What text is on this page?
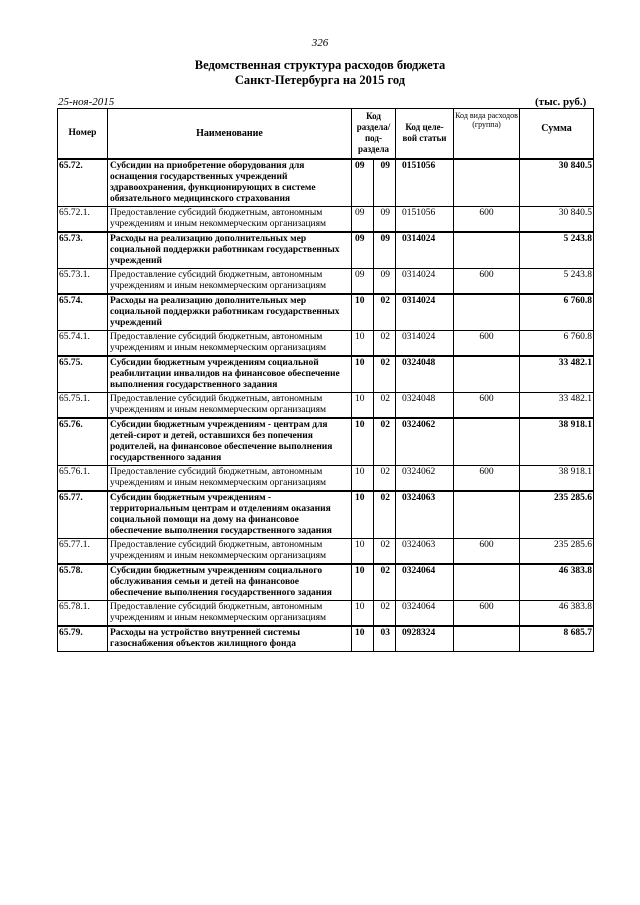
326
Ведомственная структура расходов бюджета
Санкт-Петербурга на 2015 год
25-ноя-2015	(тыс. руб.)
Номер	Наименование	Код раздела/ под- раздела		Код целе- вой статьи	Код вида расходов (группа)	Сумма
65.72.	Субсидии на приобретение оборудования для оснащения государственных учреждений здравоохранения, функционирующих в системе обязательного медицинского страхования	09	09	0151056		30 840.5
65.72.1.	Предоставление субсидий бюджетным, автономным учреждениям и иным некоммерческим организациям	09	09	0151056	600	30 840.5
65.73.	Расходы на реализацию дополнительных мер социальной поддержки работникам государственных учреждений	09	09	0314024		5 243.8
65.73.1.	Предоставление субсидий бюджетным, автономным учреждениям и иным некоммерческим организациям	09	09	0314024	600	5 243.8
65.74.	Расходы на реализацию дополнительных мер социальной поддержки работникам государственных учреждений	10	02	0314024		6 760.8
65.74.1.	Предоставление субсидий бюджетным, автономным учреждениям и иным некоммерческим организациям	10	02	0314024	600	6 760.8
65.75.	Субсидии бюджетным учреждениям социальной реабилитации инвалидов на финансовое обеспечение выполнения государственного задания	10	02	0324048		33 482.1
65.75.1.	Предоставление субсидий бюджетным, автономным учреждениям и иным некоммерческим организациям	10	02	0324048	600	33 482.1
65.76.	Субсидии бюджетным учреждениям - центрам для детей-сирот и детей, оставшихся без попечения родителей, на финансовое обеспечение выполнения государственного задания	10	02	0324062		38 918.1
65.76.1.	Предоставление субсидий бюджетным, автономным учреждениям и иным некоммерческим организациям	10	02	0324062	600	38 918.1
65.77.	Субсидии бюджетным учреждениям - территориальным центрам и отделениям оказания социальной помощи на дому на финансовое обеспечение выполнения государственного задания	10	02	0324063		235 285.6
65.77.1.	Предоставление субсидий бюджетным, автономным учреждениям и иным некоммерческим организациям	10	02	0324063	600	235 285.6
65.78.	Субсидии бюджетным учреждениям социального обслуживания семьи и детей на финансовое обеспечение выполнения государственного задания	10	02	0324064		46 383.8
65.78.1.	Предоставление субсидий бюджетным, автономным учреждениям и иным некоммерческим организациям	10	02	0324064	600	46 383.8
65.79.	Расходы на устройство внутренней системы газоснабжения объектов жилищного фонда	10	03	0928324		8 685.7
